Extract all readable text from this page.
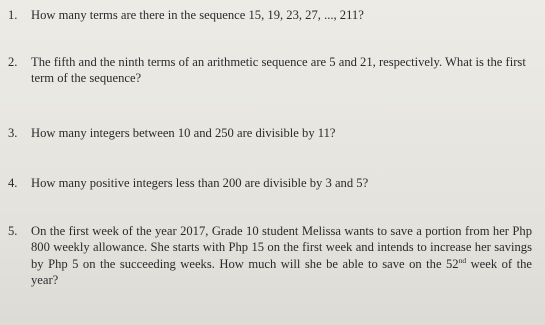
1.	How many terms are there in the sequence 15, 19, 23, 27, ..., 211?
2.	The fifth and the ninth terms of an arithmetic sequence are 5 and 21, respectively. What is the first term of the sequence?
3.	How many integers between 10 and 250 are divisible by 11?
4.	How many positive integers less than 200 are divisible by 3 and 5?
5.	On the first week of the year 2017, Grade 10 student Melissa wants to save a portion from her Php 800 weekly allowance. She starts with Php 15 on the first week and intends to increase her savings by Php 5 on the succeeding weeks. How much will she be able to save on the 52nd week of the year?
